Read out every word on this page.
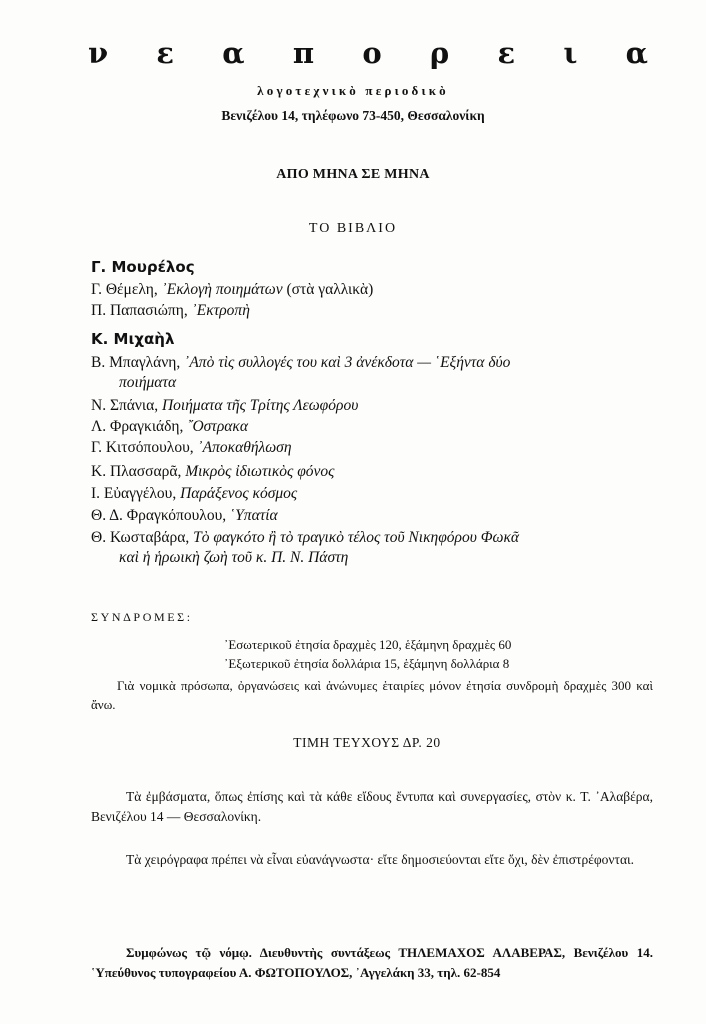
ν ε α π ο ρ ε ι α
λογοτεχνικὸ περιοδικὸ
Βενιζέλου 14, τηλέφωνο 73-450, Θεσσαλονίκη
ΑΠΟ ΜΗΝΑ ΣΕ ΜΗΝΑ
ΤΟ ΒΙΒΛΙΟ
Γ. Μουρέλος
Γ. Θέμελη, ᾿Εκλογὴ ποιημάτων (στὰ γαλλικὰ)
Π. Παπασιώπη, ᾿Εκτροπὴ
Κ. Μιχαὴλ
Β. Μπαγλάνη, ᾿Απὸ τὶς συλλογές του καὶ 3 ἀνέκδοτα — ῾Εξήντα δύο
ποιήματα
Ν. Σπάνια, Ποιήματα τῆς Τρίτης Λεωφόρου
Λ. Φραγκιάδη, ῎Οστρακα
Γ. Κιτσόπουλου, ᾿Αποκαθήλωση
Κ. Πλασσαρᾶ, Μικρὸς ἰδιωτικὸς φόνος
Ι. Εὐαγγέλου, Παράξενος κόσμος
Θ. Δ. Φραγκόπουλου, ῾Υπατία
Θ. Κωσταβάρα, Τὸ φαγκότο ἢ τὸ τραγικὸ τέλος τοῦ Νικηφόρου Φωκᾶ
καὶ ἡ ἡρωικὴ ζωὴ τοῦ κ. Π. Ν. Πάστη
ΣΥΝΔΡΟΜΕΣ:
᾿Εσωτερικοῦ ἐτησία δραχμὲς 120, ἑξάμηνη δραχμὲς 60
᾿Εξωτερικοῦ ἐτησία δολλάρια 15, ἑξάμηνη δολλάρια 8
Γιὰ νομικὰ πρόσωπα, ὀργανώσεις καὶ ἀνώνυμες ἑταιρίες μόνον ἐτησία συνδρομὴ δραχμὲς 300 καὶ ἄνω.
ΤΙΜΗ ΤΕΥΧΟΥΣ ΔΡ. 20
Τὰ ἐμβάσματα, ὅπως ἐπίσης καὶ τὰ κάθε εἴδους ἔντυπα καὶ συνεργασίες, στὸν κ. Τ. ᾿Αλαβέρα, Βενιζέλου 14 — Θεσσαλονίκη.
Τὰ χειρόγραφα πρέπει νὰ εἶναι εὐανάγνωστα· εἴτε δημοσιεύονται εἴτε ὄχι, δὲν ἐπιστρέφονται.
Συμφώνως τῷ νόμῳ. Διευθυντὴς συντάξεως ΤΗΛΕΜΑΧΟΣ ΑΛΑΒΕΡΑΣ, Βενιζέλου 14. ῾Υπεύθυνος τυπογραφείου Α. ΦΩΤΟΠΟΥΛΟΣ, ᾿Αγγελάκη 33, τηλ. 62-854
